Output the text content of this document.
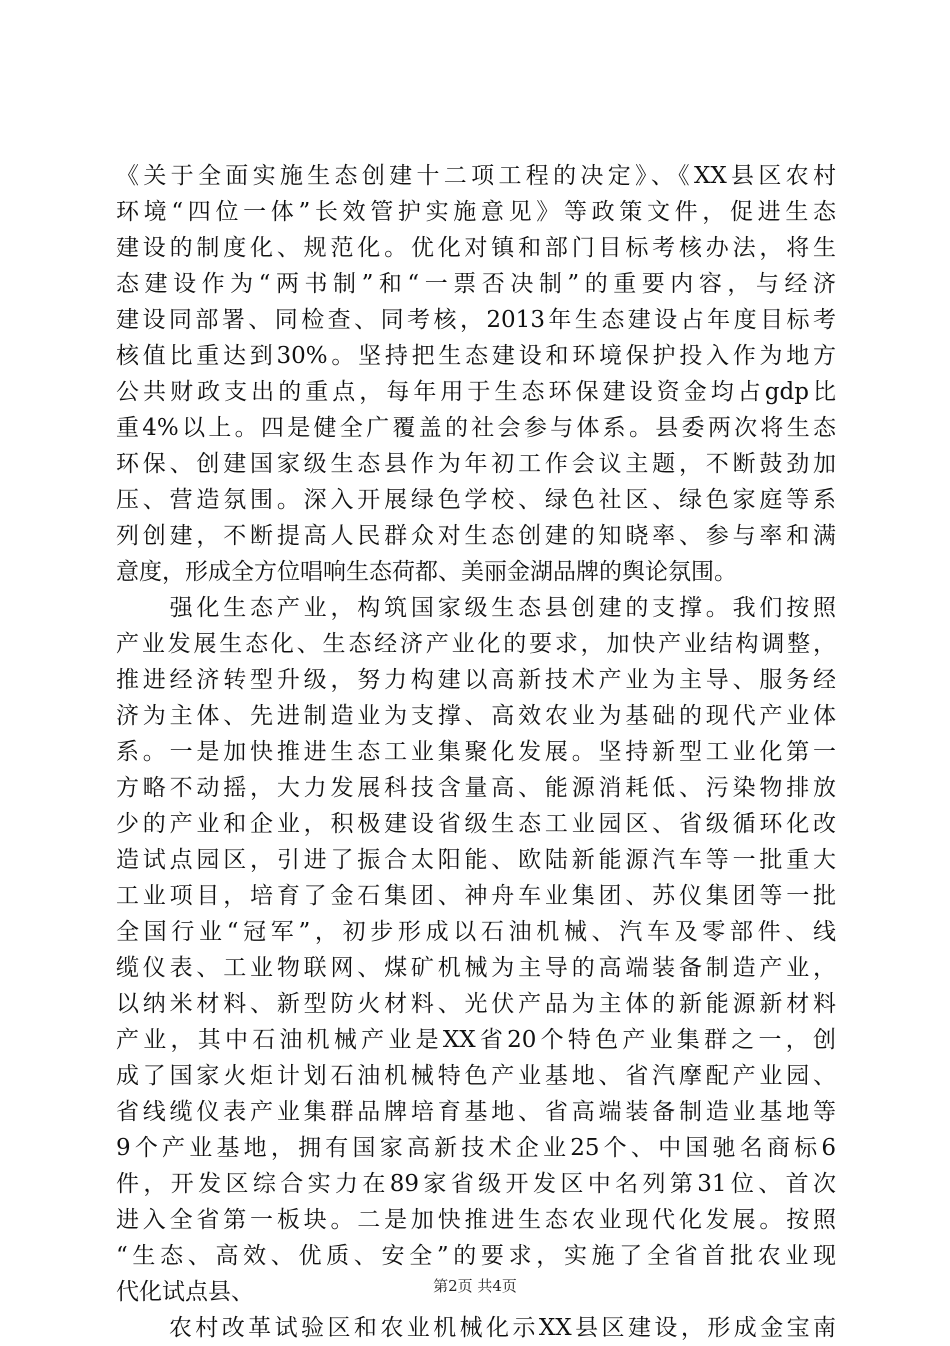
《关于全面实施生态创建十二项工程的决定》、《XX县区农村
环境“四位一体”长效管护实施意见》等政策文件，促进生态
建设的制度化、规范化。优化对镇和部门目标考核办法，将生
态建设作为“两书制”和“一票否决制”的重要内容，与经济
建设同部署、同检查、同考核，2013年生态建设占年度目标考
核值比重达到30%。坚持把生态建设和环境保护投入作为地方
公共财政支出的重点，每年用于生态环保建设资金均占gdp比
重4%以上。四是健全广覆盖的社会参与体系。县委两次将生态
环保、创建国家级生态县作为年初工作会议主题，不断鼓劲加
压、营造氛围。深入开展绿色学校、绿色社区、绿色家庭等系
列创建，不断提高人民群众对生态创建的知晓率、参与率和满
意度，形成全方位唱响生态荷都、美丽金湖品牌的舆论氛围。
　　强化生态产业，构筑国家级生态县创建的支撑。我们按照
产业发展生态化、生态经济产业化的要求，加快产业结构调整，
推进经济转型升级，努力构建以高新技术产业为主导、服务经
济为主体、先进制造业为支撑、高效农业为基础的现代产业体
系。一是加快推进生态工业集聚化发展。坚持新型工业化第一
方略不动摇，大力发展科技含量高、能源消耗低、污染物排放
少的产业和企业，积极建设省级生态工业园区、省级循环化改
造试点园区，引进了振合太阳能、欧陆新能源汽车等一批重大
工业项目，培育了金石集团、神舟车业集团、苏仪集团等一批
全国行业“冠军”，初步形成以石油机械、汽车及零部件、线
缆仪表、工业物联网、煤矿机械为主导的高端装备制造产业，
以纳米材料、新型防火材料、光伏产品为主体的新能源新材料
产业，其中石油机械产业是XX省20个特色产业集群之一，创
成了国家火炬计划石油机械特色产业基地、省汽摩配产业园、
省线缆仪表产业集群品牌培育基地、省高端装备制造业基地等
9个产业基地，拥有国家高新技术企业25个、中国驰名商标6
件，开发区综合实力在89家省级开发区中名列第31位、首次
进入全省第一板块。二是加快推进生态农业现代化发展。按照
“生态、高效、优质、安全”的要求，实施了全省首批农业现
代化试点县、
　　农村改革试验区和农业机械化示XX县区建设，形成金宝南
第2页 共4页
